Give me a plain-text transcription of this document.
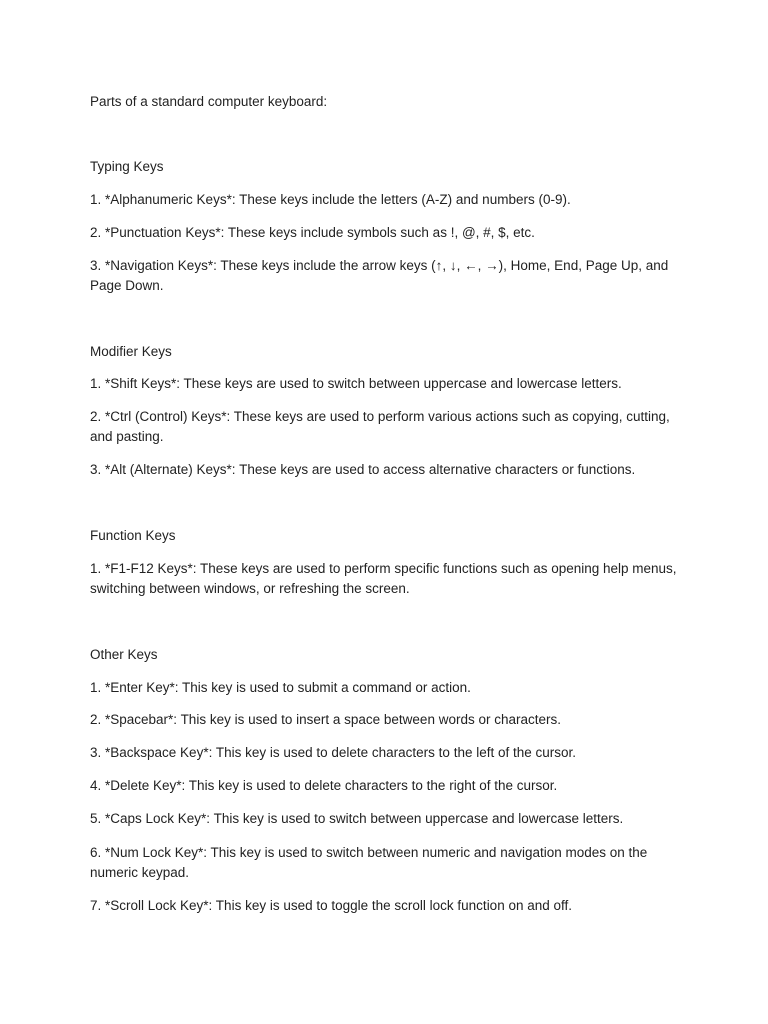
Parts of a standard computer keyboard:

Typing Keys

1. *Alphanumeric Keys*: These keys include the letters (A-Z) and numbers (0-9).

2. *Punctuation Keys*: These keys include symbols such as !, @, #, $, etc.

3. *Navigation Keys*: These keys include the arrow keys (↑, ↓, ←, →), Home, End, Page Up, and Page Down.

Modifier Keys

1. *Shift Keys*: These keys are used to switch between uppercase and lowercase letters.

2. *Ctrl (Control) Keys*: These keys are used to perform various actions such as copying, cutting, and pasting.

3. *Alt (Alternate) Keys*: These keys are used to access alternative characters or functions.

Function Keys

1. *F1-F12 Keys*: These keys are used to perform specific functions such as opening help menus, switching between windows, or refreshing the screen.

Other Keys

1. *Enter Key*: This key is used to submit a command or action.

2. *Spacebar*: This key is used to insert a space between words or characters.

3. *Backspace Key*: This key is used to delete characters to the left of the cursor.

4. *Delete Key*: This key is used to delete characters to the right of the cursor.

5. *Caps Lock Key*: This key is used to switch between uppercase and lowercase letters.

6. *Num Lock Key*: This key is used to switch between numeric and navigation modes on the numeric keypad.

7. *Scroll Lock Key*: This key is used to toggle the scroll lock function on and off.
